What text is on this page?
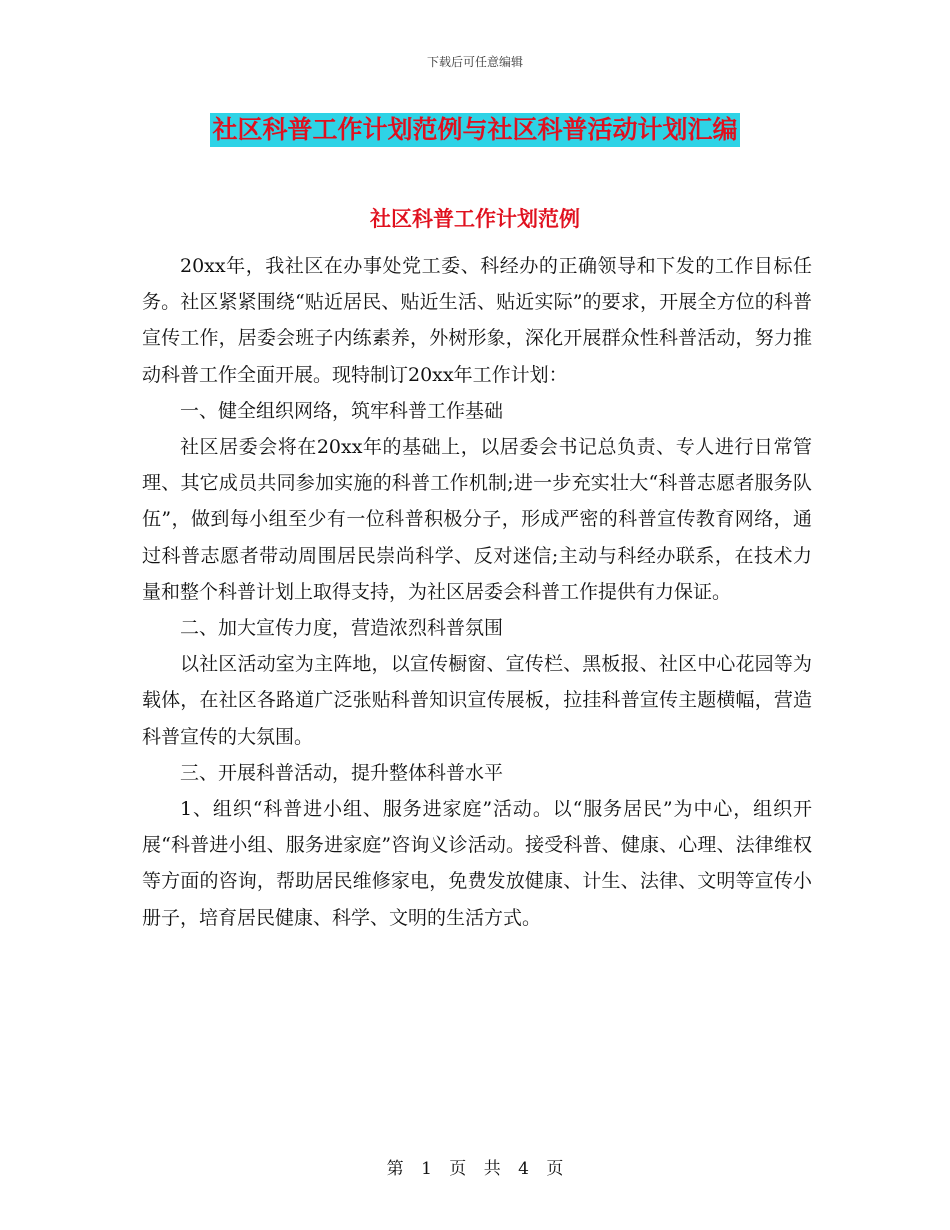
下载后可任意编辑
社区科普工作计划范例与社区科普活动计划汇编
社区科普工作计划范例

20xx年，我社区在办事处党工委、科经办的正确领导和下发的工作目标任务。社区紧紧围绕“贴近居民、贴近生活、贴近实际”的要求，开展全方位的科普宣传工作，居委会班子内练素养，外树形象，深化开展群众性科普活动，努力推动科普工作全面开展。现特制订20xx年工作计划：

一、健全组织网络，筑牢科普工作基础

社区居委会将在20xx年的基础上，以居委会书记总负责、专人进行日常管理、其它成员共同参加实施的科普工作机制;进一步充实壮大“科普志愿者服务队伍”，做到每小组至少有一位科普积极分子，形成严密的科普宣传教育网络，通过科普志愿者带动周围居民崇尚科学、反对迷信;主动与科经办联系，在技术力量和整个科普计划上取得支持，为社区居委会科普工作提供有力保证。

二、加大宣传力度，营造浓烈科普氛围

以社区活动室为主阵地，以宣传橱窗、宣传栏、黑板报、社区中心花园等为载体，在社区各路道广泛张贴科普知识宣传展板，拉挂科普宣传主题横幅，营造科普宣传的大氛围。

三、开展科普活动，提升整体科普水平

1、组织“科普进小组、服务进家庭”活动。以“服务居民”为中心，组织开展“科普进小组、服务进家庭”咨询义诊活动。接受科普、健康、心理、法律维权等方面的咨询，帮助居民维修家电，免费发放健康、计生、法律、文明等宣传小册子，培育居民健康、科学、文明的生活方式。

第 1 页 共 4 页
